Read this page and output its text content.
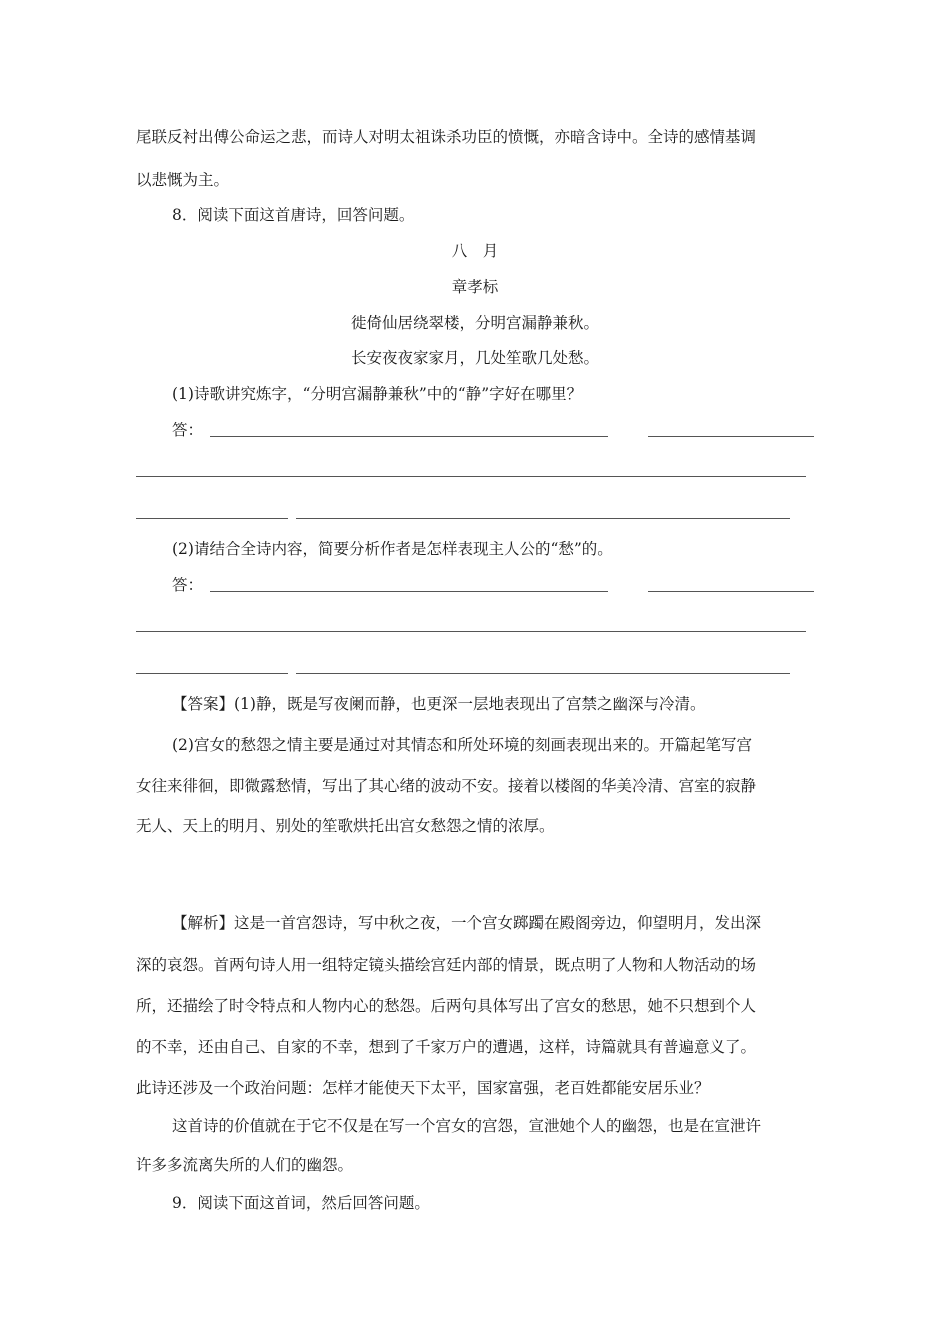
尾联反衬出傅公命运之悲，而诗人对明太祖诛杀功臣的愤慨，亦暗含诗中。全诗的感情基调
以悲慨为主。
8．阅读下面这首唐诗，回答问题。
八　月
章孝标
徙倚仙居绕翠楼，分明宫漏静兼秋。
长安夜夜家家月，几处笙歌几处愁。
(1)诗歌讲究炼字，“分明宫漏静兼秋”中的“静”字好在哪里？
答：
(2)请结合全诗内容，简要分析作者是怎样表现主人公的“愁”的。
答：
【答案】(1)静，既是写夜阑而静，也更深一层地表现出了宫禁之幽深与冷清。
(2)宫女的愁怨之情主要是通过对其情态和所处环境的刻画表现出来的。开篇起笔写宫
女往来徘徊，即微露愁情，写出了其心绪的波动不安。接着以楼阁的华美冷清、宫室的寂静
无人、天上的明月、别处的笙歌烘托出宫女愁怨之情的浓厚。
【解析】这是一首宫怨诗，写中秋之夜，一个宫女踯躅在殿阁旁边，仰望明月，发出深
深的哀怨。首两句诗人用一组特定镜头描绘宫廷内部的情景，既点明了人物和人物活动的场
所，还描绘了时令特点和人物内心的愁怨。后两句具体写出了宫女的愁思，她不只想到个人
的不幸，还由自己、自家的不幸，想到了千家万户的遭遇，这样，诗篇就具有普遍意义了。
此诗还涉及一个政治问题：怎样才能使天下太平，国家富强，老百姓都能安居乐业？
这首诗的价值就在于它不仅是在写一个宫女的宫怨，宣泄她个人的幽怨，也是在宣泄许
许多多流离失所的人们的幽怨。
9．阅读下面这首词，然后回答问题。
